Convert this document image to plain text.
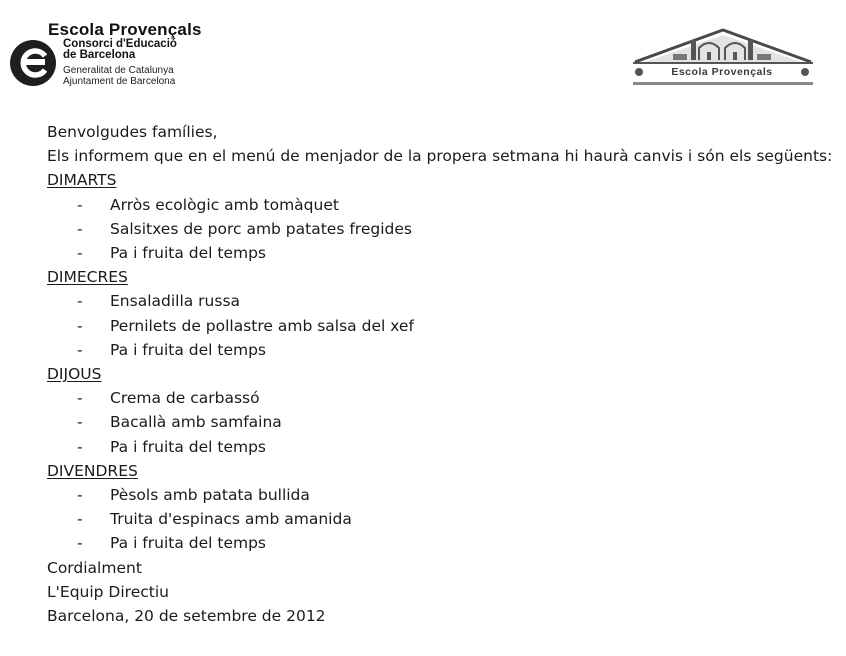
Escola Provençals
Consorci d'Educació
de Barcelona
Generalitat de Catalunya
Ajuntament de Barcelona
Escola Provençals
Benvolgudes famílies,
Els informem que en el menú de menjador de la propera setmana hi haurà canvis i són els següents:
DIMARTS
- Arròs ecològic amb tomàquet
- Salsitxes de porc amb patates fregides
- Pa i fruita del temps
DIMECRES
- Ensaladilla russa
- Pernilets de pollastre amb salsa del xef
- Pa i fruita del temps
DIJOUS
- Crema de carbassó
- Bacallà amb samfaina
- Pa i fruita del temps
DIVENDRES
- Pèsols amb patata bullida
- Truita d'espinacs amb amanida
- Pa i fruita del temps
Cordialment
L'Equip Directiu
Barcelona, 20 de setembre de 2012
